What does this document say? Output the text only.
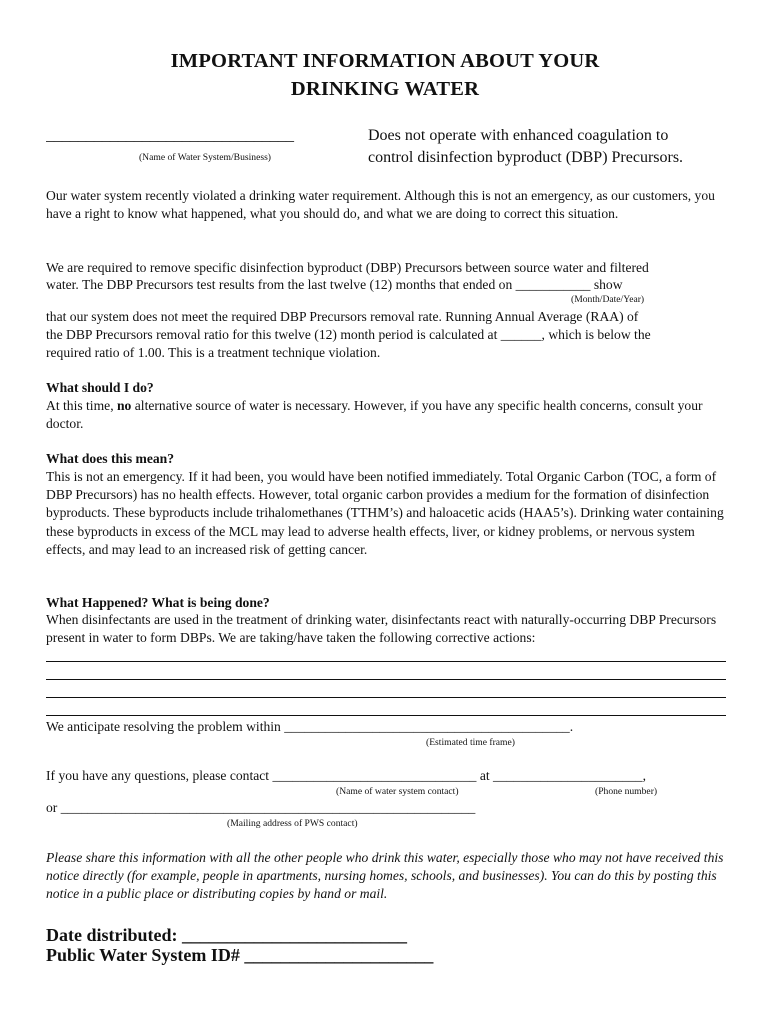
IMPORTANT INFORMATION ABOUT YOUR
DRINKING WATER
_______________________________
(Name of Water System/Business)
Does not operate with enhanced coagulation to
control disinfection byproduct (DBP) Precursors.
Our water system recently violated a drinking water requirement. Although this is not an emergency, as our customers, you have a right to know what happened, what you should do, and what we are doing to correct this situation.
We are required to remove specific disinfection byproduct (DBP) Precursors between source water and filtered
water. The DBP Precursors test results from the last twelve (12) months that ended on ___________ show
(Month/Date/Year)
that our system does not meet the required DBP Precursors removal rate. Running Annual Average (RAA) of
the DBP Precursors removal ratio for this twelve (12) month period is calculated at ______, which is below the
required ratio of 1.00. This is a treatment technique violation.
What should I do?
At this time, no alternative source of water is necessary. However, if you have any specific health concerns, consult your doctor.
What does this mean?
This is not an emergency. If it had been, you would have been notified immediately. Total Organic Carbon (TOC, a form of DBP Precursors) has no health effects. However, total organic carbon provides a medium for the formation of disinfection byproducts. These byproducts include trihalomethanes (TTHM’s) and haloacetic acids (HAA5’s). Drinking water containing these byproducts in excess of the MCL may lead to adverse health effects, liver, or kidney problems, or nervous system effects, and may lead to an increased risk of getting cancer.
What Happened? What is being done?
When disinfectants are used in the treatment of drinking water, disinfectants react with naturally-occurring DBP Precursors present in water to form DBPs. We are taking/have taken the following corrective actions:
We anticipate resolving the problem within __________________________________________.
(Estimated time frame)
If you have any questions, please contact ______________________________ at ______________________,
(Name of water system contact)	(Phone number)
or _____________________________________________________________
(Mailing address of PWS contact)
Please share this information with all the other people who drink this water, especially those who may not have received this notice directly (for example, people in apartments, nursing homes, schools, and businesses). You can do this by posting this notice in a public place or distributing copies by hand or mail.
Date distributed: _________________________
Public Water System ID# _____________________
